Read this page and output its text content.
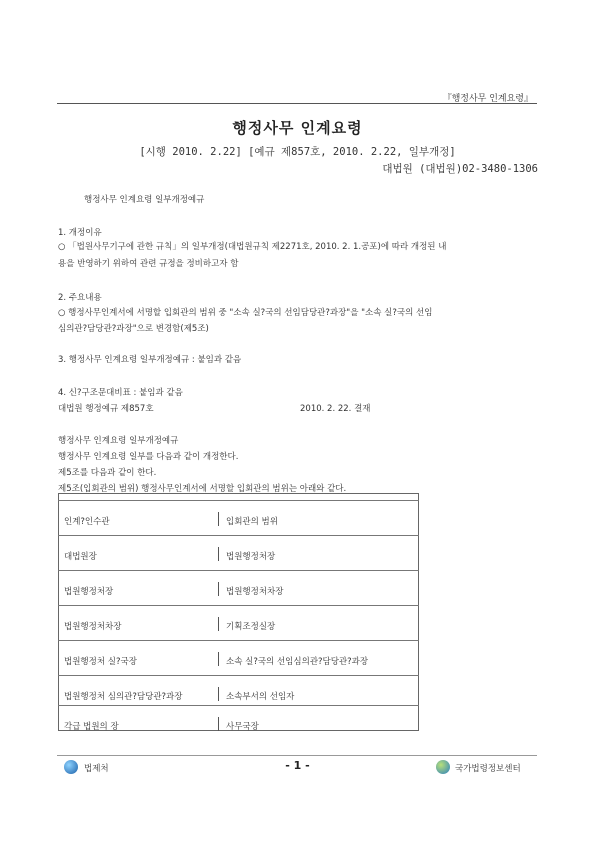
『행정사무 인계요령』
행정사무 인계요령
[시행 2010. 2.22] [예규 제857호, 2010. 2.22, 일부개정]
대법원 (대법원)02-3480-1306
행정사무 인계요령 일부개정예규
1. 개정이유
○ 「법원사무기구에 관한 규칙」의 일부개정(대법원규칙 제2271호, 2010. 2. 1.공포)에 따라 개정된 내
용을 반영하기 위하여 관련 규정을 정비하고자 함
2. 주요내용
○ 행정사무인계서에 서명할 입회관의 범위 중 "소속 실?국의 선임담당관?과장"을 "소속 실?국의 선임
심의관?담당관?과장"으로 변경함(제5조)
3. 행정사무 인계요령 일부개정예규 : 붙임과 같음
4. 신?구조문대비표 : 붙임과 같음
대법원 행정예규 제857호	2010. 2. 22. 결재
행정사무 인계요령 일부개정예규
행정사무 인계요령 일부를 다음과 같이 개정한다.
제5조를 다음과 같이 한다.
제5조(입회관의 범위) 행정사무인계서에 서명할 입회관의 범위는 아래와 같다.
인계?인수관	입회관의 범위
대법원장	법원행정처장
법원행정처장	법원행정처차장
법원행정처차장	기획조정실장
법원행정처 실?국장	소속 실?국의 선임심의관?담당관?과장
법원행정처 심의관?담당관?과장	소속부서의 선임자
각급 법원의 장	사무국장
법제처	- 1 -	국가법령정보센터
